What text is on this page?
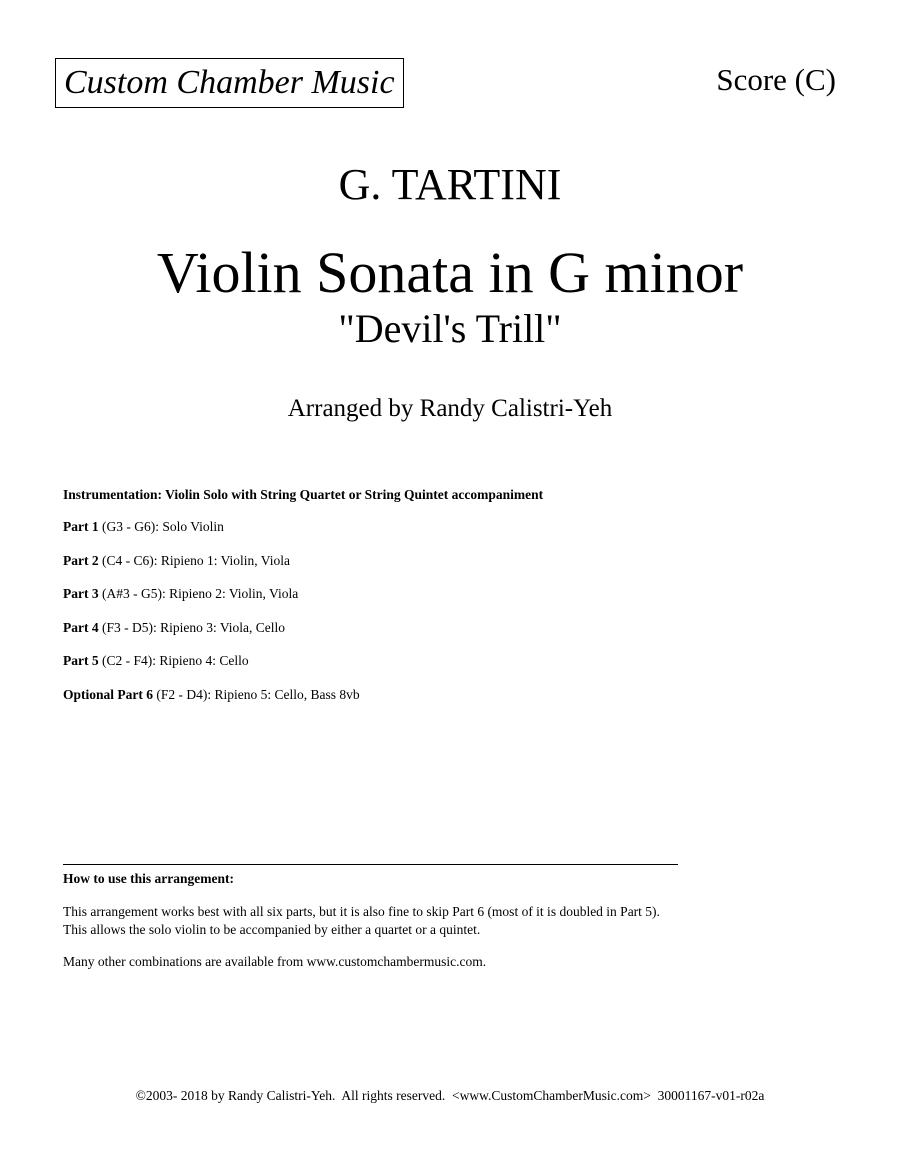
Custom Chamber Music	Score (C)
G. TARTINI
Violin Sonata in G minor
"Devil's Trill"
Arranged by Randy Calistri-Yeh
Instrumentation: Violin Solo with String Quartet or String Quintet accompaniment
Part 1 (G3 - G6): Solo Violin
Part 2 (C4 - C6): Ripieno 1: Violin, Viola
Part 3 (A#3 - G5): Ripieno 2: Violin, Viola
Part 4 (F3 - D5): Ripieno 3: Viola, Cello
Part 5 (C2 - F4): Ripieno 4: Cello
Optional Part 6 (F2 - D4): Ripieno 5: Cello, Bass 8vb
How to use this arrangement:
This arrangement works best with all six parts, but it is also fine to skip Part 6 (most of it is doubled in Part 5).
This allows the solo violin to be accompanied by either a quartet or a quintet.
Many other combinations are available from www.customchambermusic.com.
©2003- 2018 by Randy Calistri-Yeh.  All rights reserved.  <www.CustomChamberMusic.com>  30001167-v01-r02a
